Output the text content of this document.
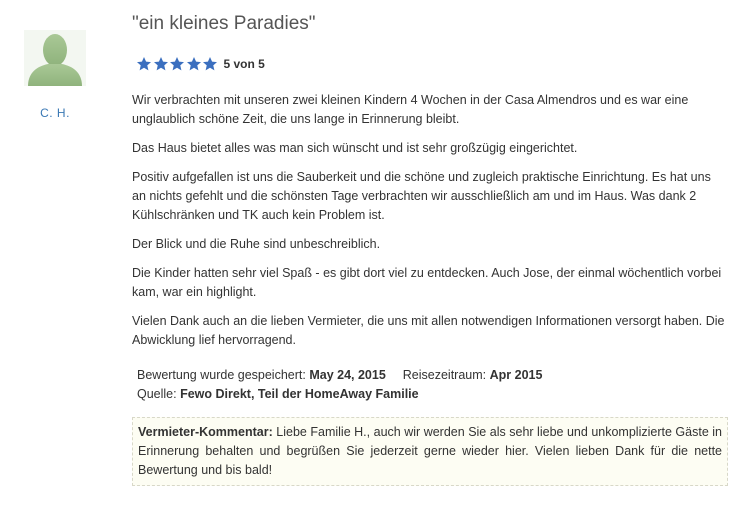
C. H.
"ein kleines Paradies"
5 von 5

Wir verbrachten mit unseren zwei kleinen Kindern 4 Wochen in der Casa Almendros und es war eine unglaublich schöne Zeit, die uns lange in Erinnerung bleibt.

Das Haus bietet alles was man sich wünscht und ist sehr großzügig eingerichtet.

Positiv aufgefallen ist uns die Sauberkeit und die schöne und zugleich praktische Einrichtung. Es hat uns an nichts gefehlt und die schönsten Tage verbrachten wir ausschließlich am und im Haus. Was dank 2 Kühlschränken und TK auch kein Problem ist.

Der Blick und die Ruhe sind unbeschreiblich.

Die Kinder hatten sehr viel Spaß - es gibt dort viel zu entdecken. Auch Jose, der einmal wöchentlich vorbei kam, war ein highlight.

Vielen Dank auch an die lieben Vermieter, die uns mit allen notwendigen Informationen versorgt haben. Die Abwicklung lief hervorragend.

Bewertung wurde gespeichert: May 24, 2015 Reisezeitraum: Apr 2015
Quelle: Fewo Direkt, Teil der HomeAway Familie
Vermieter-Kommentar: Liebe Familie H., auch wir werden Sie als sehr liebe und unkomplizierte Gäste in Erinnerung behalten und begrüßen Sie jederzeit gerne wieder hier. Vielen lieben Dank für die nette Bewertung und bis bald!
